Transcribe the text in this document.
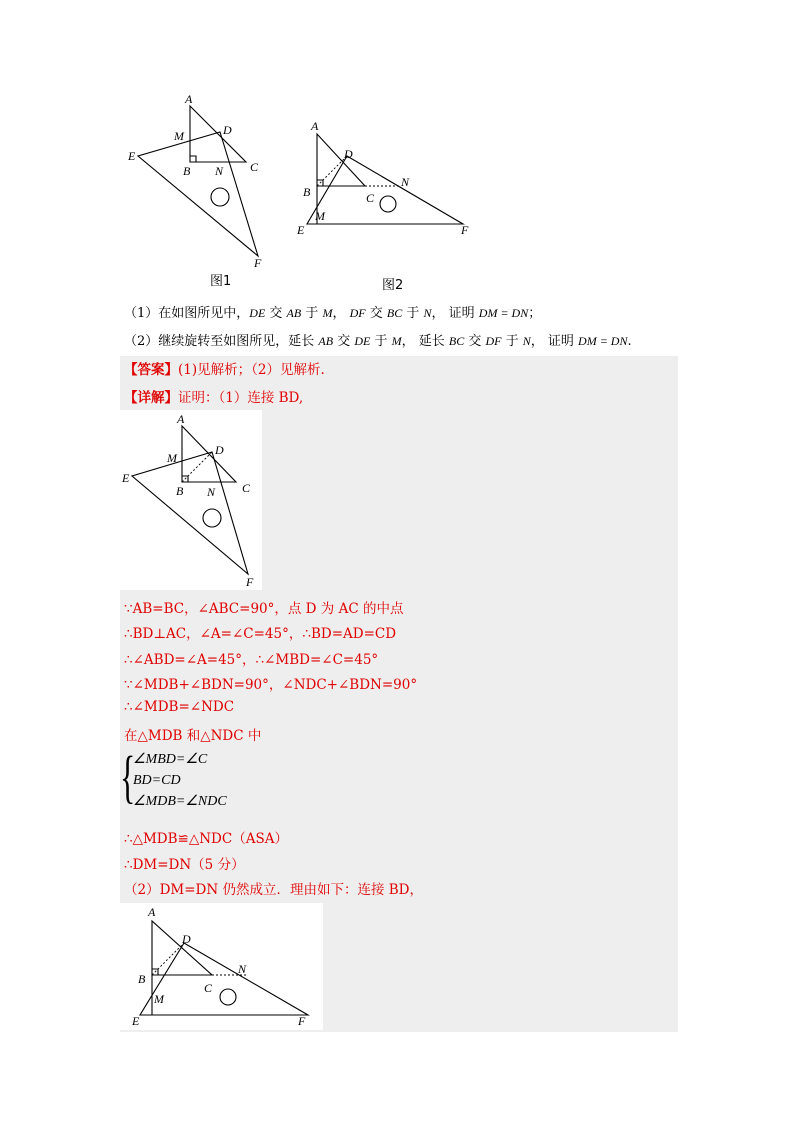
A
M	D
E
B	C
N
F
图1
A
D
N
B	C
M
E	F
图2
（1）在如图所见中，DE 交 AB 于 M， DF 交 BC 于 N， 证明 DM = DN；
（2）继续旋转至如图所见，延长 AB 交 DE 于 M， 延长 BC 交 DF 于 N， 证明 DM = DN.
【答案】(1)见解析；（2）见解析.
【详解】证明：（1）连接 BD,
A
M
D
E
B	C
N
F
∵AB=BC，∠ABC=90°，点 D 为 AC 的中点
∴BD⊥AC，∠A=∠C=45°，∴BD=AD=CD
∴∠ABD=∠A=45°，∴∠MBD=∠C=45°
∵∠MDB+∠BDN=90°，∠NDC+∠BDN=90°
∴∠MDB=∠NDC
在△MDB 和△NDC 中
{
∠MBD=∠C
BD=CD
∠MDB=∠NDC
∴△MDB≌△NDC（ASA）
∴DM=DN（5 分）
（2）DM=DN 仍然成立．理由如下：连接 BD，
A
D
N
B
C
M
E	F
